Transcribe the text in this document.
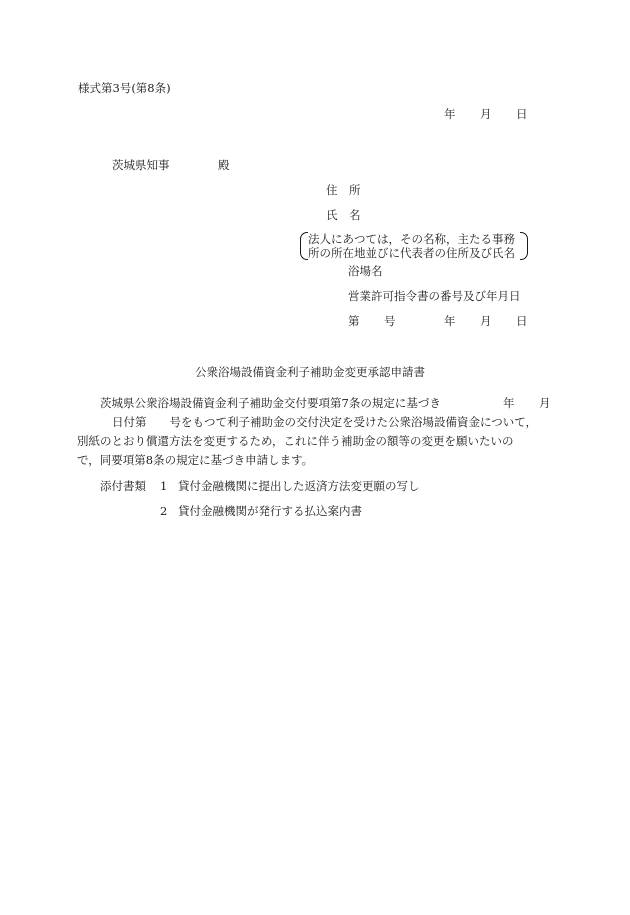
様式第3号(第8条)
年 月 日
茨城県知事	殿
住　所
氏　名
法人にあつては，その名称，主たる事務
所の所在地並びに代表者の住所及び氏名
浴場名
営業許可指令書の番号及び年月日
第 号	年 月 日
公衆浴場設備資金利子補助金変更承認申請書
茨城県公衆浴場設備資金利子補助金交付要項第7条の規定に基づき	年 月
日付第　　号をもつて利子補助金の交付決定を受けた公衆浴場設備資金について，
別紙のとおり償還方法を変更するため，これに伴う補助金の額等の変更を願いたいの
で，同要項第8条の規定に基づき申請します。
添付書類 1 貸付金融機関に提出した返済方法変更願の写し
2 貸付金融機関が発行する払込案内書
